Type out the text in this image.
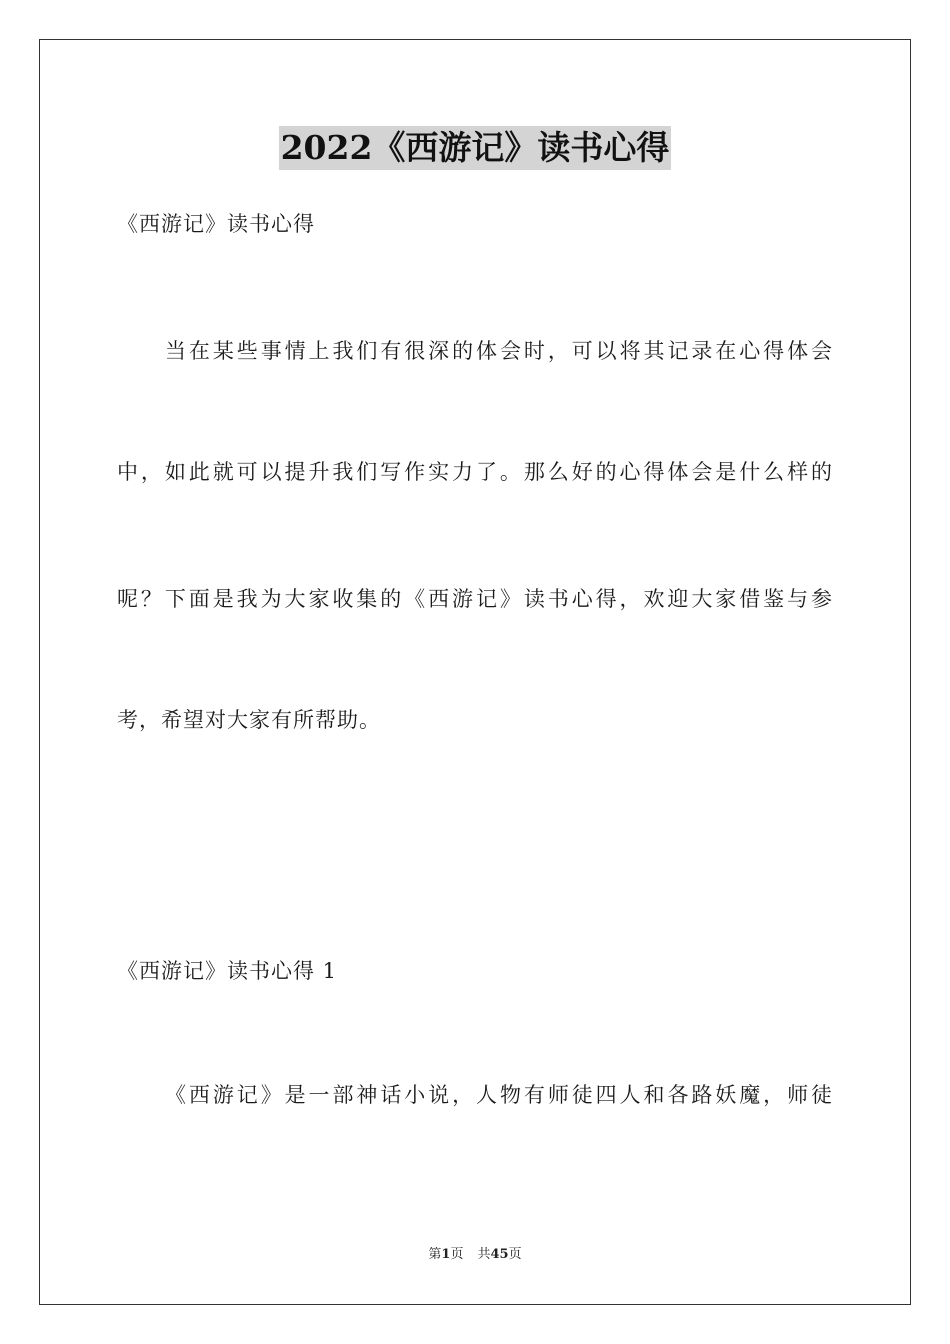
2022《西游记》读书心得
《西游记》读书心得
当在某些事情上我们有很深的体会时，可以将其记录在心得体会
中，如此就可以提升我们写作实力了。那么好的心得体会是什么样的
呢？下面是我为大家收集的《西游记》读书心得，欢迎大家借鉴与参
考，希望对大家有所帮助。
《西游记》读书心得 1
《西游记》是一部神话小说，人物有师徒四人和各路妖魔，师徒
第1页 共45页
